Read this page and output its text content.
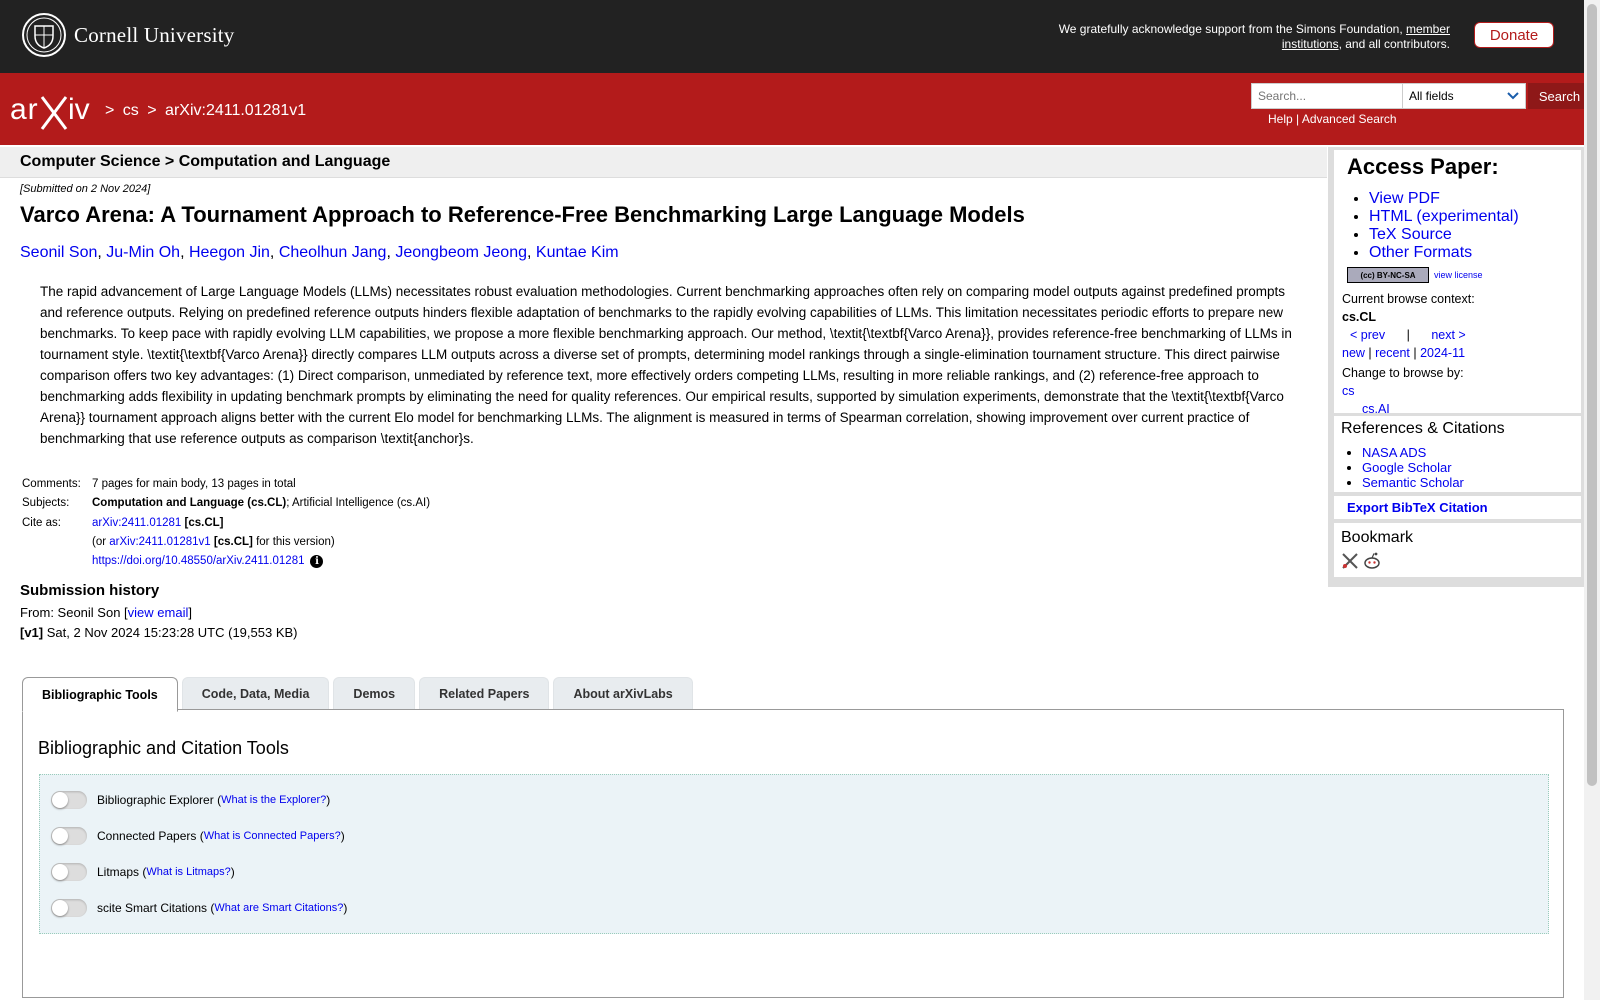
Cornell University	We gratefully acknowledge support from the Simons Foundation, member institutions, and all contributors.
Donate
ar iv > cs > arXiv:2411.01281v1
Search...	All fields	Search
Help | Advanced Search
Computer Science > Computation and Language
[Submitted on 2 Nov 2024]
Varco Arena: A Tournament Approach to Reference-Free Benchmarking Large Language Models
Seonil Son, Ju-Min Oh, Heegon Jin, Cheolhun Jang, Jeongbeom Jeong, Kuntae Kim
The rapid advancement of Large Language Models (LLMs) necessitates robust evaluation methodologies. Current benchmarking approaches often rely on comparing model outputs against predefined prompts and reference outputs. Relying on predefined reference outputs hinders flexible adaptation of benchmarks to the rapidly evolving capabilities of LLMs. This limitation necessitates periodic efforts to prepare new benchmarks. To keep pace with rapidly evolving LLM capabilities, we propose a more flexible benchmarking approach. Our method, \textit{\textbf{Varco Arena}}, provides reference-free benchmarking of LLMs in tournament style. \textit{\textbf{Varco Arena}} directly compares LLM outputs across a diverse set of prompts, determining model rankings through a single-elimination tournament structure. This direct pairwise comparison offers two key advantages: (1) Direct comparison, unmediated by reference text, more effectively orders competing LLMs, resulting in more reliable rankings, and (2) reference-free approach to benchmarking adds flexibility in updating benchmark prompts by eliminating the need for quality references. Our empirical results, supported by simulation experiments, demonstrate that the \textit{\textbf{Varco Arena}} tournament approach aligns better with the current Elo model for benchmarking LLMs. The alignment is measured in terms of Spearman correlation, showing improvement over current practice of benchmarking that use reference outputs as comparison \textit{anchor}s.
Comments: 7 pages for main body, 13 pages in total
Subjects:	Computation and Language (cs.CL); Artificial Intelligence (cs.AI)
Cite as:	arXiv:2411.01281 [cs.CL]
(or arXiv:2411.01281v1 [cs.CL] for this version)
https://doi.org/10.48550/arXiv.2411.01281 i
Submission history
From: Seonil Son [view email]
[v1] Sat, 2 Nov 2024 15:23:28 UTC (19,553 KB)
Access Paper:
• View PDF
• HTML (experimental)
• TeX Source
• Other Formats
(cc) BY-NC-SA	view license
References & Citations
• NASA ADS
• Google Scholar
• Semantic Scholar
Export BibTeX Citation
Bookmark
Current browse context:
cs.CL
< prev | next >
new | recent | 2024-11
Change to browse by:
cs
cs.AI
Bibliographic Tools	Code, Data, Media	Demos	Related Papers	About arXivLabs
Bibliographic and Citation Tools
Bibliographic Explorer ( What is the Explorer? )
Connected Papers ( What is Connected Papers? )
Litmaps ( What is Litmaps? )
scite Smart Citations ( What are Smart Citations? )
